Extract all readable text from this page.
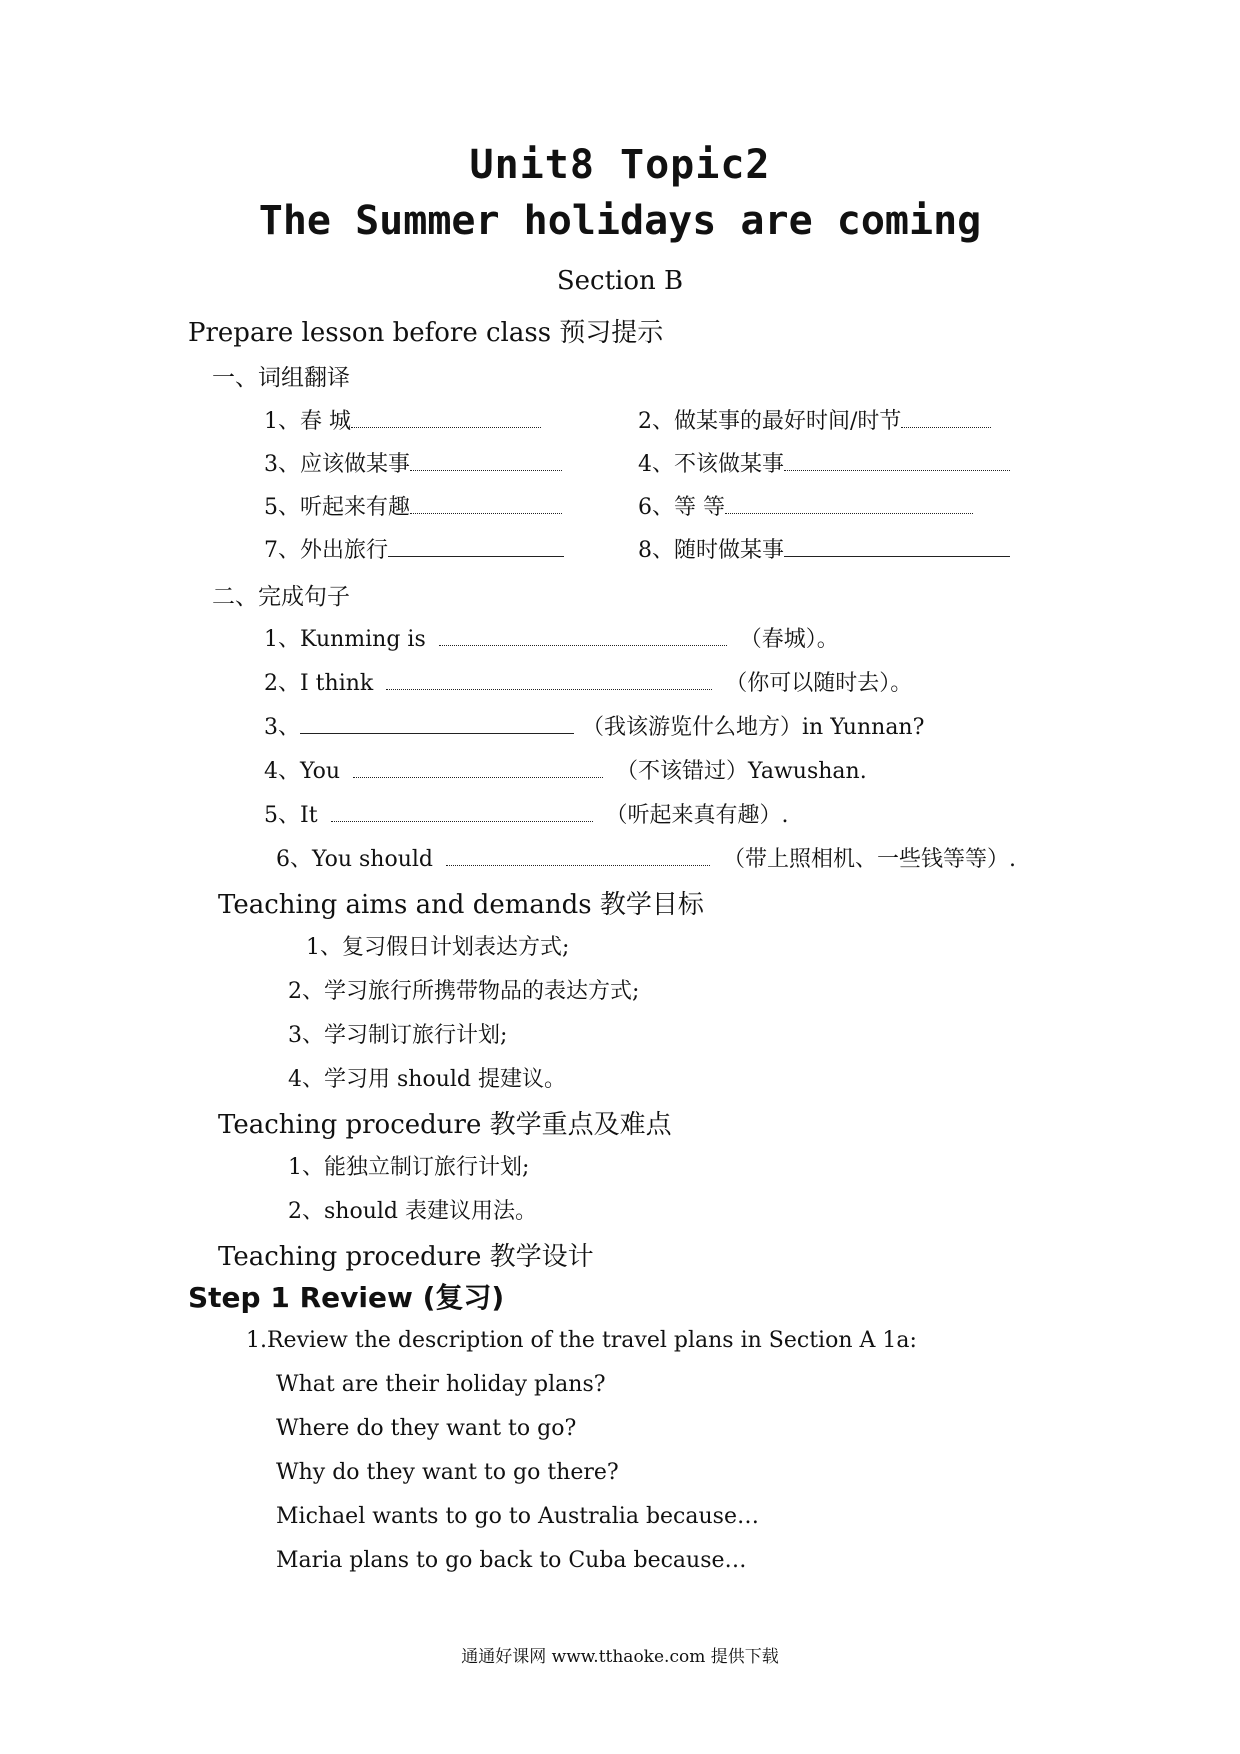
Unit8 Topic2
The Summer holidays are coming
Section B
Prepare lesson before class 预习提示
一、词组翻译
1、春 城	2、做某事的最好时间/时节
3、应该做某事	4、不该做某事
5、听起来有趣	6、等 等
7、外出旅行	8、随时做某事
二、完成句子
1、Kunming is	（春城）。
2、I think	（你可以随时去）。
3、	（我该游览什么地方）in Yunnan?
4、You	（不该错过）Yawushan.
5、It	（听起来真有趣）.
6、You should	（带上照相机、一些钱等等）.
Teaching aims and demands 教学目标
1、复习假日计划表达方式;
2、学习旅行所携带物品的表达方式;
3、学习制订旅行计划;
4、学习用 should 提建议。
Teaching procedure 教学重点及难点
1、能独立制订旅行计划;
2、should 表建议用法。
Teaching procedure 教学设计
Step 1 Review (复习)
1.Review the description of the travel plans in Section A 1a:
What are their holiday plans?
Where do they want to go?
Why do they want to go there?
Michael wants to go to Australia because…
Maria plans to go back to Cuba because…
通通好课网 www.tthaoke.com 提供下载
